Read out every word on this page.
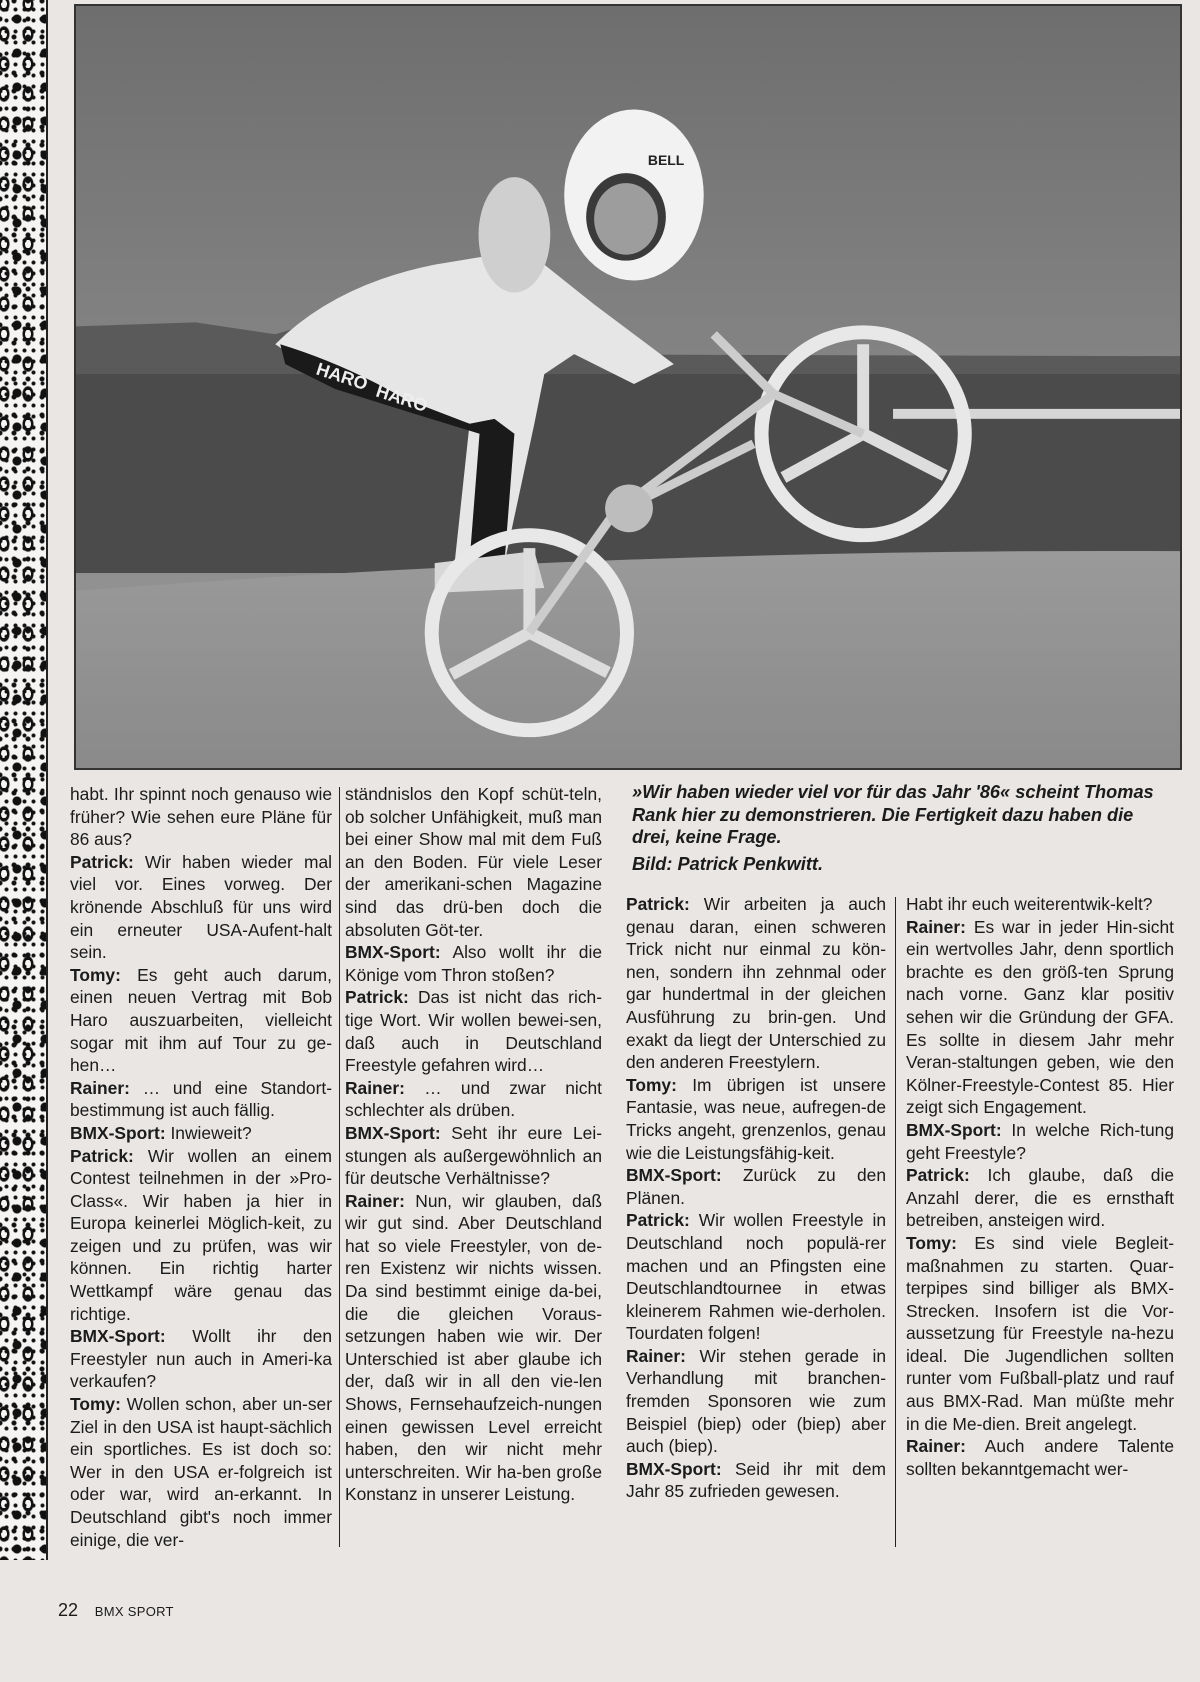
HARO
HARO
BELL

habt. Ihr spinnt noch genauso wie früher? Wie sehen eure Pläne für 86 aus?

Patrick: Wir haben wieder mal viel vor. Eines vorweg. Der krönende Abschluß für uns wird ein erneuter USA-Aufent-halt sein.

Tomy: Es geht auch darum, einen neuen Vertrag mit Bob Haro auszuarbeiten, vielleicht sogar mit ihm auf Tour zu ge-hen…

Rainer: … und eine Standort-bestimmung ist auch fällig.

BMX-Sport: Inwieweit?

Patrick: Wir wollen an einem Contest teilnehmen in der »Pro-Class«. Wir haben ja hier in Europa keinerlei Möglich-keit, zu zeigen und zu prüfen, was wir können. Ein richtig harter Wettkampf wäre genau das richtige.

BMX-Sport: Wollt ihr den Freestyler nun auch in Ameri-ka verkaufen?

Tomy: Wollen schon, aber un-ser Ziel in den USA ist haupt-sächlich ein sportliches. Es ist doch so: Wer in den USA er-folgreich ist oder war, wird an-erkannt. In Deutschland gibt's noch immer einige, die ver-

ständnislos den Kopf schüt-teln, ob solcher Unfähigkeit, muß man bei einer Show mal mit dem Fuß an den Boden. Für viele Leser der amerikani-schen Magazine sind das drü-ben doch die absoluten Göt-ter.

BMX-Sport: Also wollt ihr die Könige vom Thron stoßen?

Patrick: Das ist nicht das rich-tige Wort. Wir wollen bewei-sen, daß auch in Deutschland Freestyle gefahren wird…

Rainer: … und zwar nicht schlechter als drüben.

BMX-Sport: Seht ihr eure Lei-stungen als außergewöhnlich an für deutsche Verhältnisse?

Rainer: Nun, wir glauben, daß wir gut sind. Aber Deutschland hat so viele Freestyler, von de-ren Existenz wir nichts wissen. Da sind bestimmt einige da-bei, die die gleichen Voraus-setzungen haben wie wir. Der Unterschied ist aber glaube ich der, daß wir in all den vie-len Shows, Fernsehaufzeich-nungen einen gewissen Level erreicht haben, den wir nicht mehr unterschreiten. Wir ha-ben große Konstanz in unserer Leistung.

»Wir haben wieder viel vor für das Jahr '86« scheint Thomas Rank hier zu demonstrieren. Die Fertigkeit dazu haben die drei, keine Frage.
Bild: Patrick Penkwitt.

Patrick: Wir arbeiten ja auch genau daran, einen schweren Trick nicht nur einmal zu kön-nen, sondern ihn zehnmal oder gar hundertmal in der gleichen Ausführung zu brin-gen. Und exakt da liegt der Unterschied zu den anderen Freestylern.

Tomy: Im übrigen ist unsere Fantasie, was neue, aufregen-de Tricks angeht, grenzenlos, genau wie die Leistungsfähig-keit.

BMX-Sport: Zurück zu den Plänen.

Patrick: Wir wollen Freestyle in Deutschland noch populä-rer machen und an Pfingsten eine Deutschlandtournee in etwas kleinerem Rahmen wie-derholen. Tourdaten folgen!

Rainer: Wir stehen gerade in Verhandlung mit branchen-fremden Sponsoren wie zum Beispiel (biep) oder (biep) aber auch (biep).

BMX-Sport: Seid ihr mit dem Jahr 85 zufrieden gewesen.

Habt ihr euch weiterentwik-kelt?

Rainer: Es war in jeder Hin-sicht ein wertvolles Jahr, denn sportlich brachte es den größ-ten Sprung nach vorne. Ganz klar positiv sehen wir die Gründung der GFA. Es sollte in diesem Jahr mehr Veran-staltungen geben, wie den Kölner-Freestyle-Contest 85. Hier zeigt sich Engagement.

BMX-Sport: In welche Rich-tung geht Freestyle?

Patrick: Ich glaube, daß die Anzahl derer, die es ernsthaft betreiben, ansteigen wird.

Tomy: Es sind viele Begleit-maßnahmen zu starten. Quar-terpipes sind billiger als BMX-Strecken. Insofern ist die Vor-aussetzung für Freestyle na-hezu ideal. Die Jugendlichen sollten runter vom Fußball-platz und rauf aus BMX-Rad. Man müßte mehr in die Me-dien. Breit angelegt.

Rainer: Auch andere Talente sollten bekanntgemacht wer-

22 BMX SPORT
